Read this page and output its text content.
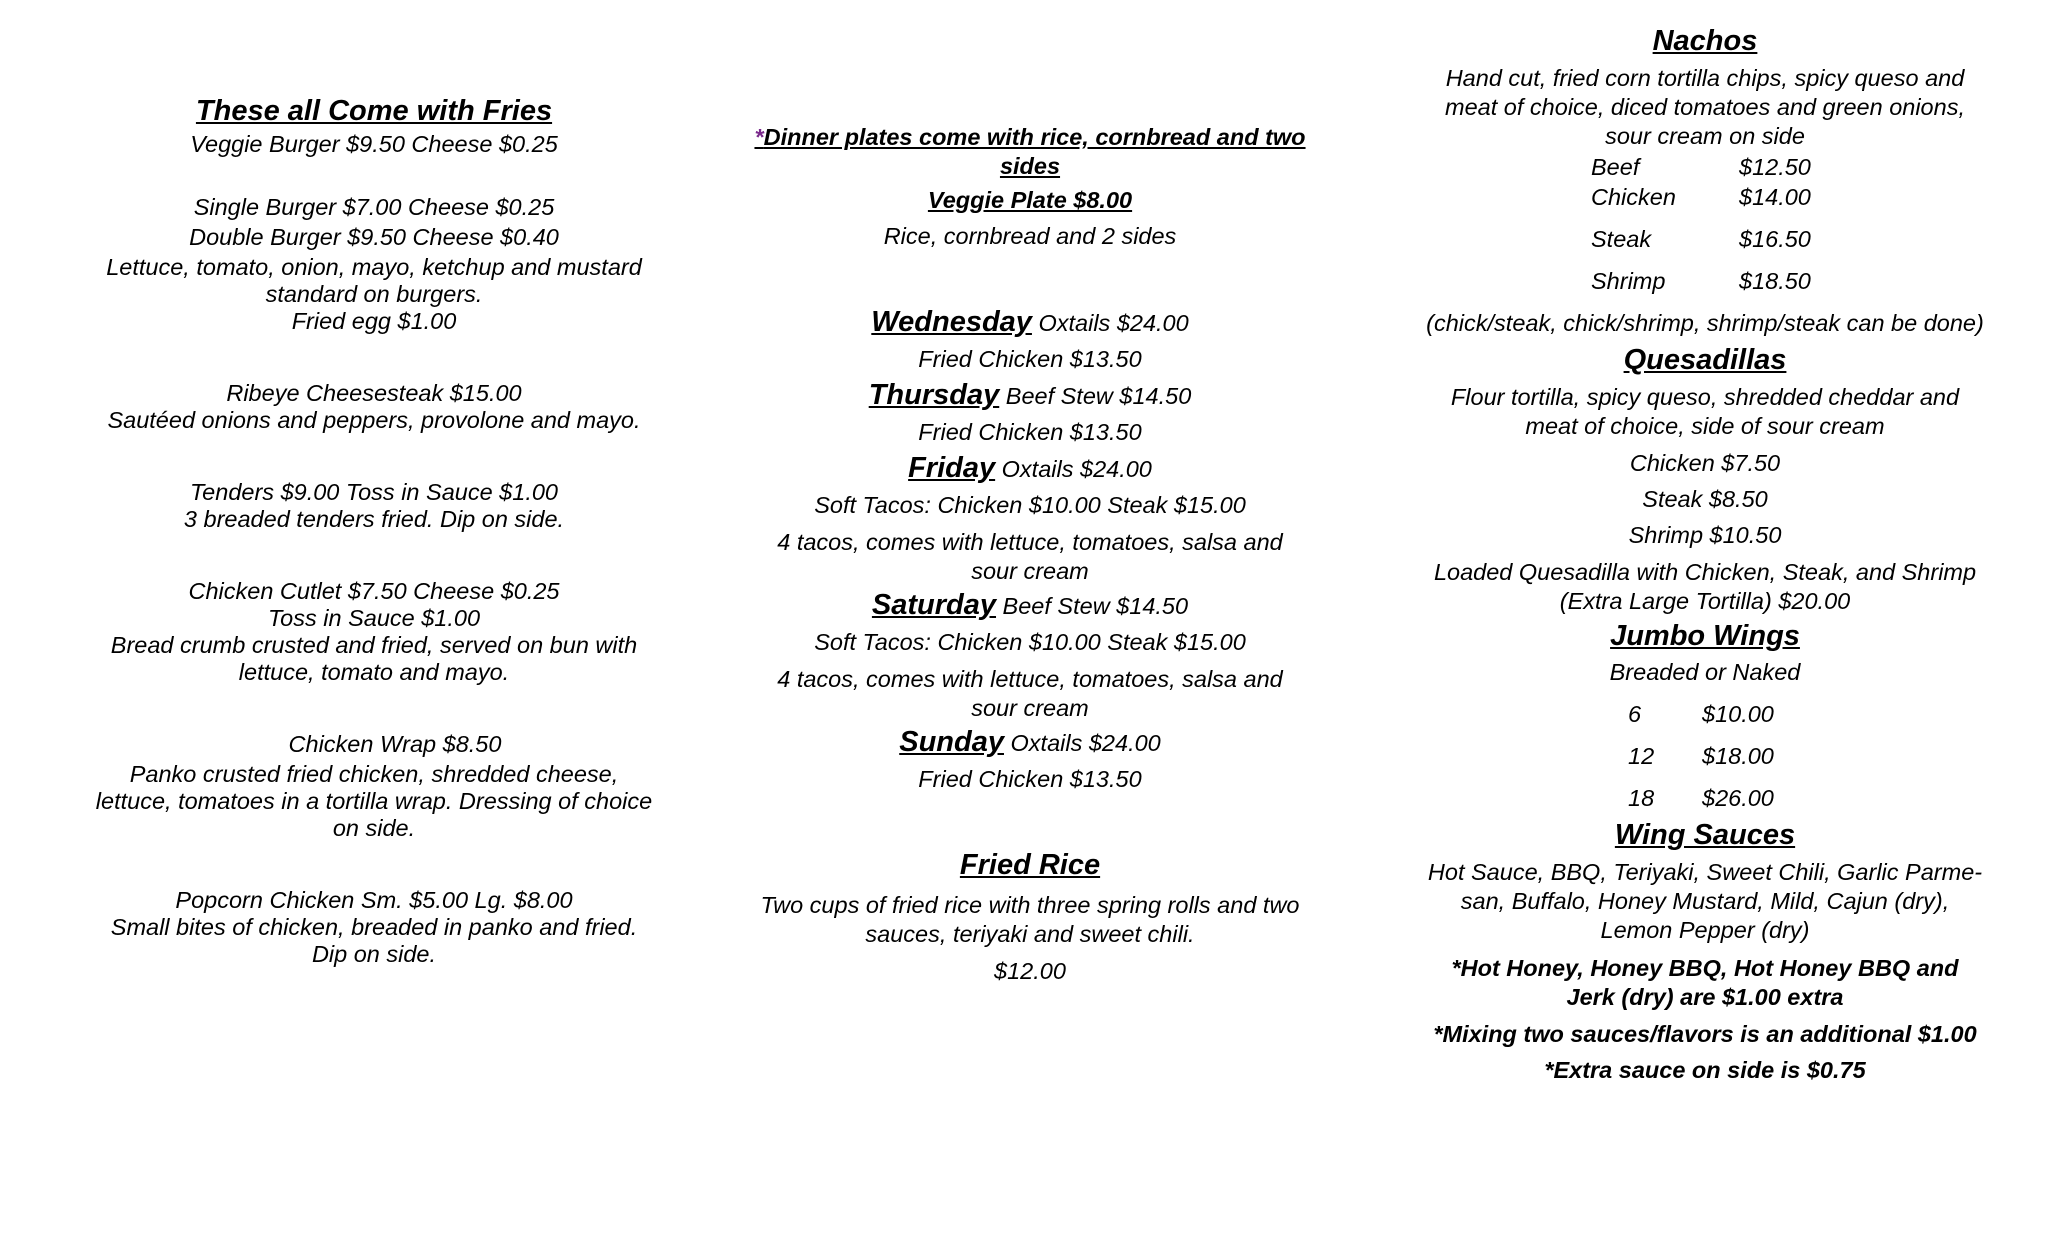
These all Come with Fries

Veggie Burger $9.50 Cheese $0.25

Single Burger $7.00 Cheese $0.25

Double Burger $9.50 Cheese $0.40

Lettuce, tomato, onion, mayo, ketchup and mustard
standard on burgers.
Fried egg $1.00

Ribeye Cheesesteak $15.00
Sautéed onions and peppers, provolone and mayo.

Tenders $9.00 Toss in Sauce $1.00
3 breaded tenders fried. Dip on side.

Chicken Cutlet $7.50 Cheese $0.25
Toss in Sauce $1.00
Bread crumb crusted and fried, served on bun with
lettuce, tomato and mayo.

Chicken Wrap $8.50

Panko crusted fried chicken, shredded cheese,
lettuce, tomatoes in a tortilla wrap. Dressing of choice
on side.

Popcorn Chicken Sm. $5.00 Lg. $8.00
Small bites of chicken, breaded in panko and fried.
Dip on side.

*Dinner plates come with rice, cornbread and two
sides

Veggie Plate $8.00

Rice, cornbread and 2 sides

Wednesday Oxtails $24.00

Fried Chicken $13.50

Thursday Beef Stew $14.50

Fried Chicken $13.50

Friday Oxtails $24.00

Soft Tacos: Chicken $10.00 Steak $15.00

4 tacos, comes with lettuce, tomatoes, salsa and
sour cream

Saturday Beef Stew $14.50

Soft Tacos: Chicken $10.00 Steak $15.00

4 tacos, comes with lettuce, tomatoes, salsa and
sour cream

Sunday Oxtails $24.00

Fried Chicken $13.50

Fried Rice

Two cups of fried rice with three spring rolls and two
sauces, teriyaki and sweet chili.

$12.00

Nachos

Hand cut, fried corn tortilla chips, spicy queso and
meat of choice, diced tomatoes and green onions,
sour cream on side

Beef	$12.50

Chicken	$14.00

Steak	$16.50

Shrimp	$18.50

(chick/steak, chick/shrimp, shrimp/steak can be done)

Quesadillas

Flour tortilla, spicy queso, shredded cheddar and
meat of choice, side of sour cream

Chicken $7.50

Steak $8.50

Shrimp $10.50

Loaded Quesadilla with Chicken, Steak, and Shrimp
(Extra Large Tortilla) $20.00

Jumbo Wings

Breaded or Naked

6	$10.00

12	$18.00

18	$26.00

Wing Sauces

Hot Sauce, BBQ, Teriyaki, Sweet Chili, Garlic Parme-
san, Buffalo, Honey Mustard, Mild, Cajun (dry),
Lemon Pepper (dry)

*Hot Honey, Honey BBQ, Hot Honey BBQ and
Jerk (dry) are $1.00 extra

*Mixing two sauces/flavors is an additional $1.00

*Extra sauce on side is $0.75
